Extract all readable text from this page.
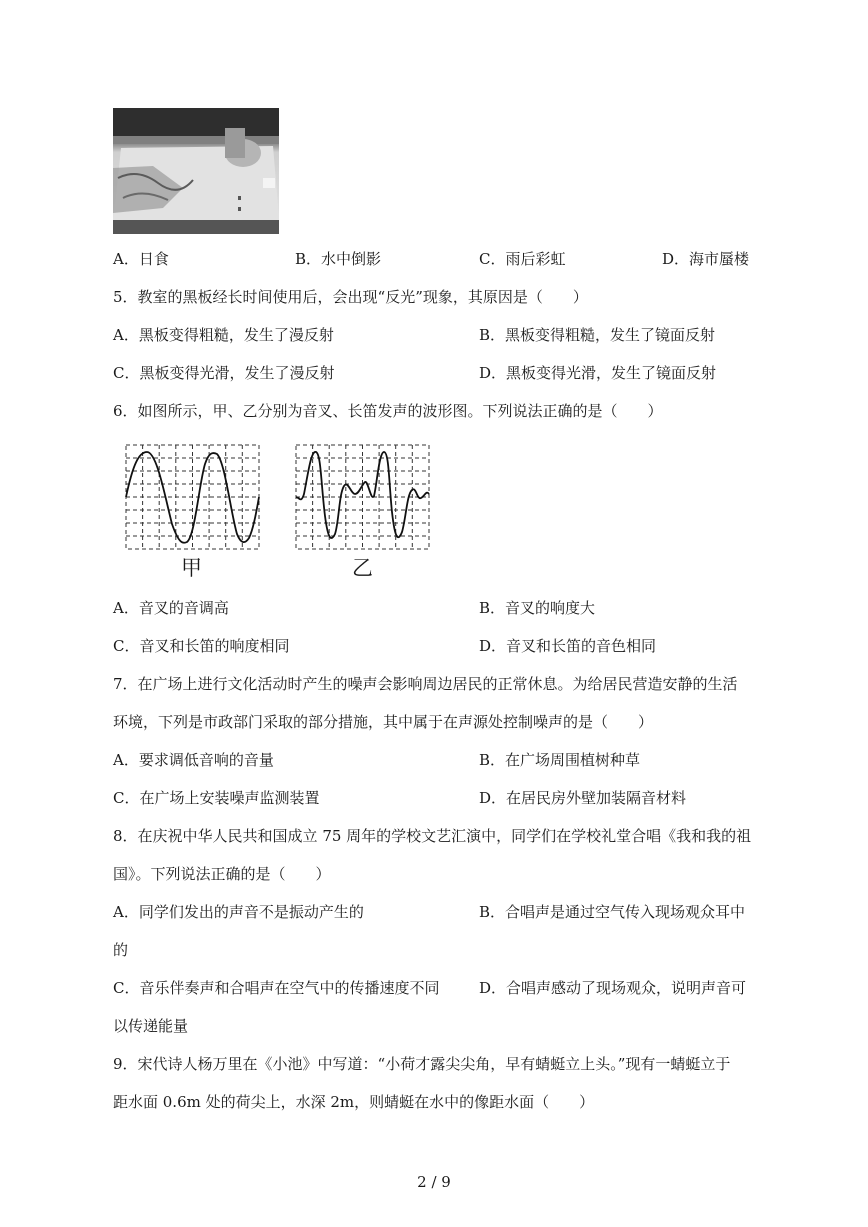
A．日食	B．水中倒影	C．雨后彩虹	D．海市蜃楼
5．教室的黑板经长时间使用后，会出现“反光”现象，其原因是（　　）
A．黑板变得粗糙，发生了漫反射	B．黑板变得粗糙，发生了镜面反射
C．黑板变得光滑，发生了漫反射	D．黑板变得光滑，发生了镜面反射
6．如图所示，甲、乙分别为音叉、长笛发声的波形图。下列说法正确的是（　　）
甲	乙
A．音叉的音调高	B．音叉的响度大
C．音叉和长笛的响度相同	D．音叉和长笛的音色相同
7．在广场上进行文化活动时产生的噪声会影响周边居民的正常休息。为给居民营造安静的生活
环境，下列是市政部门采取的部分措施，其中属于在声源处控制噪声的是（　　）
A．要求调低音响的音量	B．在广场周围植树种草
C．在广场上安装噪声监测装置	D．在居民房外壁加装隔音材料
8．在庆祝中华人民共和国成立 75 周年的学校文艺汇演中，同学们在学校礼堂合唱《我和我的祖
国》。下列说法正确的是（　　）
A．同学们发出的声音不是振动产生的	B．合唱声是通过空气传入现场观众耳中
的
C．音乐伴奏声和合唱声在空气中的传播速度不同	D．合唱声感动了现场观众，说明声音可
以传递能量
9．宋代诗人杨万里在《小池》中写道：“小荷才露尖尖角，早有蜻蜓立上头。”现有一蜻蜓立于
距水面 0.6m 处的荷尖上，水深 2m，则蜻蜓在水中的像距水面（　　）
2 / 9
